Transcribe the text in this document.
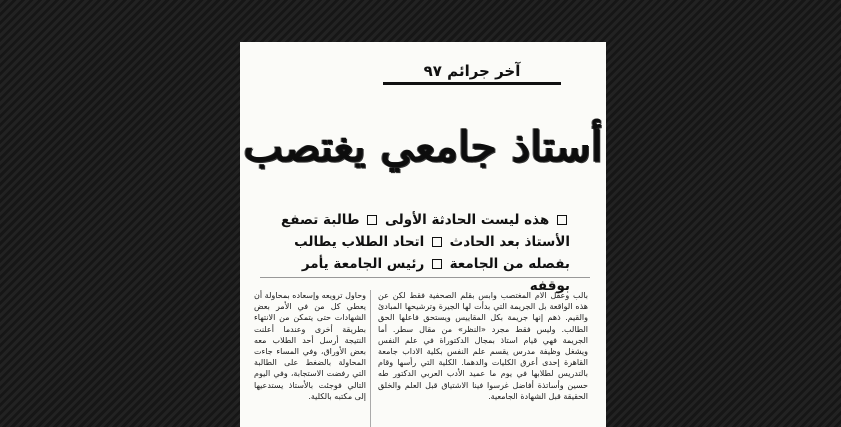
آخر جرائم ٩٧
أستاذ جامعي يغتصب
هذه ليست الحادثة الأولى  طالبة تصفع الأستاذ بعد الحادث  اتحاد الطلاب يطالب بفصله من الجامعة  رئيس الجامعة يأمر بوقفه
بالب وعقل الام المغتصب وابس بقلم الصحفية فقط لكن عن هذه الواقعة بل الجريمة التي بدأت لها الجيرة وترشيحها المبادئ والقيم. ذهم إنها جريمة بكل المقاييس ويستحق فاعلها الحق الطالب. وليس فقط مجرد «النظر» من مقال سطر. أما الجريمة فهي قيام استاذ بمجال الدكتوراة في علم النفس ويشغل وظيفة مدرس يقسم علم النفس بكلية الاداب جامعة القاهرة إحدى أعرق الكليات والدهما. الكلية التي رأسها وقام بالتدريس لطلابها في يوم ما عميد الأدب العربي الدكتور طه حسين وأساتذة أفاضل غرسوا فينا الاشتياق قبل العلم والخلق الحقيقة قبل الشهادة الجامعية.
وحاول ترويعه وإسعاده بمحاولة أن يعطي كل من في الأمر بعض الشهادات حتى يتمكن من الانتهاء بطريقة أخرى وعندما أعلنت النتيجة أرسل أحد الطلاب معه بعض الأوراق، وفي المساء جاءت المحاولة بالضغط على الطالبة التي رفضت الاستجابة، وفي اليوم التالي فوجئت بالأستاذ يستدعيها إلى مكتبه بالكلية.
